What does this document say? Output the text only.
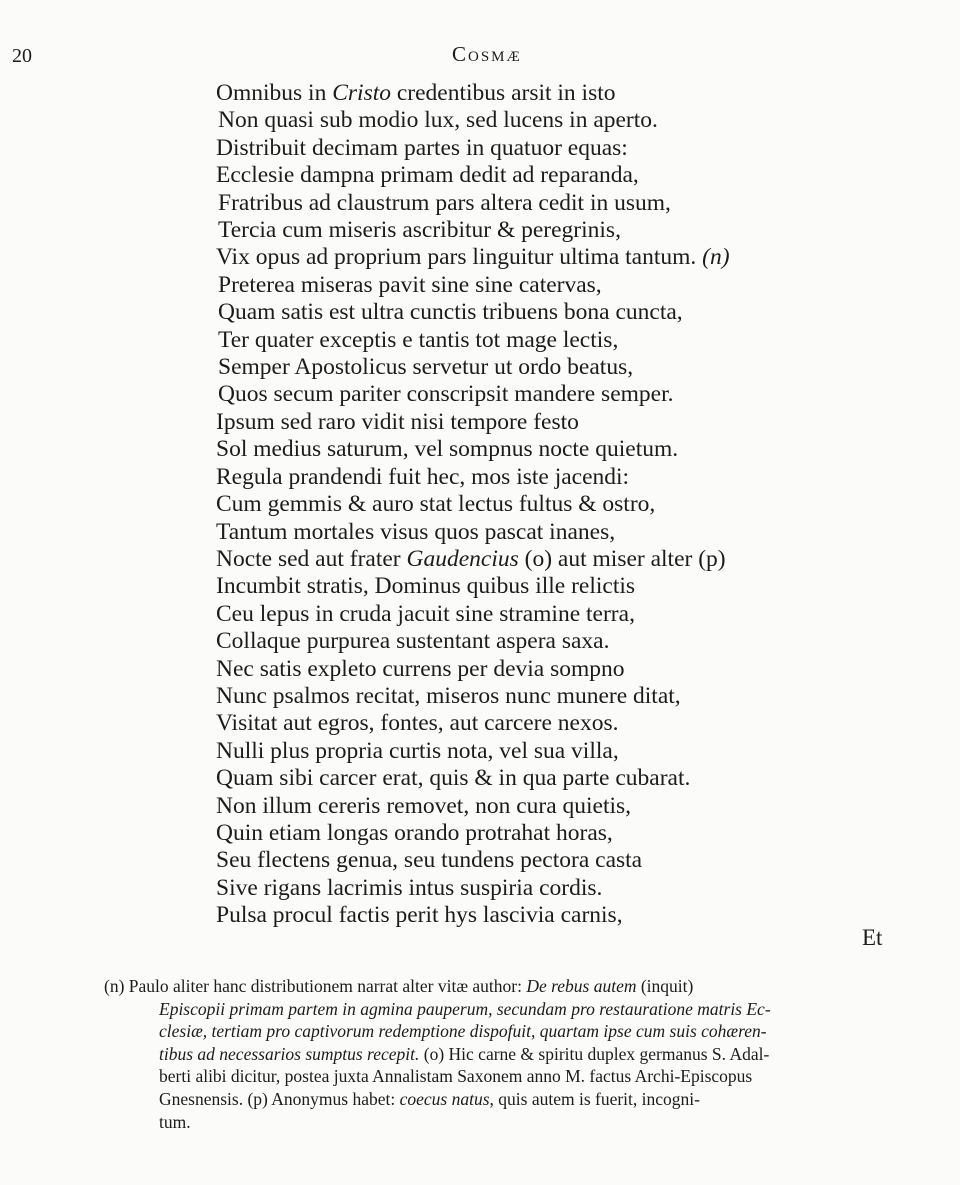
20	Cosmæ
Omnibus in Cristo credentibus arsit in isto
Non quasi sub modio lux, sed lucens in aperto.
Distribuit decimam partes in quatuor equas:
Ecclesie dampna primam dedit ad reparanda,
Fratribus ad claustrum pars altera cedit in usum,
Tercia cum miseris ascribitur & peregrinis,
Vix opus ad proprium pars linguitur ultima tantum. (n)
Preterea miseras pavit sine sine catervas,
Quam satis est ultra cunctis tribuens bona cuncta,
Ter quater exceptis e tantis tot mage lectis,
Semper Apostolicus servetur ut ordo beatus,
Quos secum pariter conscripsit mandere semper.
Ipsum sed raro vidit nisi tempore festo
Sol medius saturum, vel sompnus nocte quietum.
Regula prandendi fuit hec, mos iste jacendi:
Cum gemmis & auro stat lectus fultus & ostro,
Tantum mortales visus quos pascat inanes,
Nocte sed aut frater Gaudencius (o) aut miser alter (p)
Incumbit stratis, Dominus quibus ille relictis
Ceu lepus in cruda jacuit sine stramine terra,
Collaque purpurea sustentant aspera saxa.
Nec satis expleto currens per devia sompno
Nunc psalmos recitat, miseros nunc munere ditat,
Visitat aut egros, fontes, aut carcere nexos.
Nulli plus propria curtis nota, vel sua villa,
Quam sibi carcer erat, quis & in qua parte cubarat.
Non illum cereris removet, non cura quietis,
Quin etiam longas orando protrahat horas,
Seu flectens genua, seu tundens pectora casta
Sive rigans lacrimis intus suspiria cordis.
Pulsa procul factis perit hys lascivia carnis,
Et
(n) Paulo aliter hanc distributionem narrat alter vitæ author: De rebus autem (inquit)
Episcopii primam partem in agmina pauperum, secundam pro restauratione matris Ec-
clesiæ, tertiam pro captivorum redemptione dispofuit, quartam ipse cum suis cohæren-
tibus ad necessarios sumptus recepit. (o) Hic carne & spiritu duplex germanus S. Adal-
berti alibi dicitur, postea juxta Annalistam Saxonem anno M. factus Archi-Episcopus
Gnesnensis. (p) Anonymus habet: coecus natus, quis autem is fuerit, incogni-
tum.
